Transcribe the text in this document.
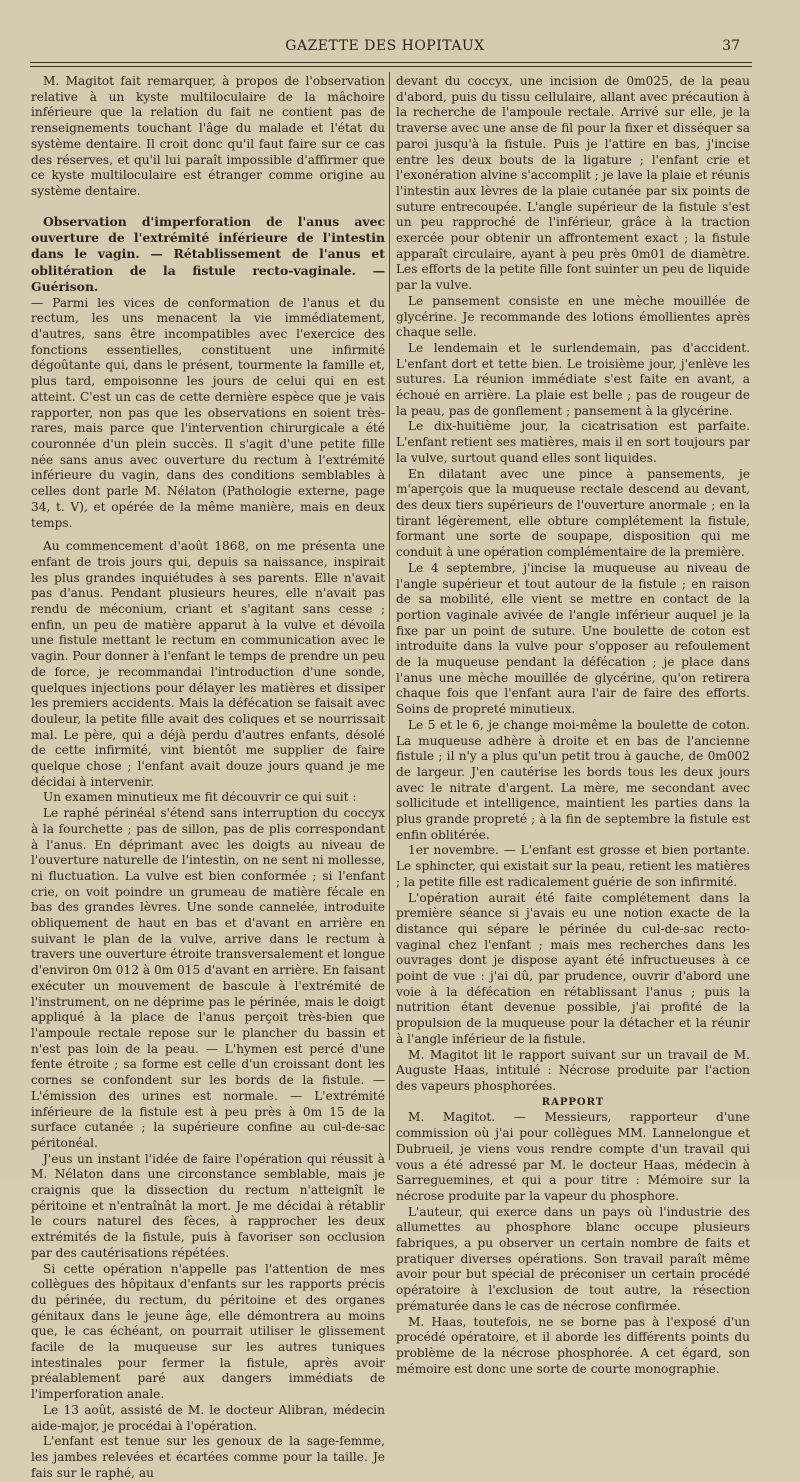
GAZETTE DES HOPITAUX	37

M. Magitot fait remarquer, à propos de l'observation relative à un kyste multiloculaire de la mâchoire inférieure que la relation du fait ne contient pas de renseignements touchant l'âge du malade et l'état du système dentaire. Il croit donc qu'il faut faire sur ce cas des réserves, et qu'il lui paraît impossible d'affirmer que ce kyste multiloculaire est étranger comme origine au système dentaire.

Observation d'imperforation de l'anus avec ouverture de l'extrémité inférieure de l'intestin dans le vagin. — Rétablissement de l'anus et oblitération de la fistule recto-vaginale. — Guérison.

— Parmi les vices de conformation de l'anus et du rectum, les uns menacent la vie immédiatement, d'autres, sans être incompatibles avec l'exercice des fonctions essentielles, constituent une infirmité dégoûtante qui, dans le présent, tourmente la famille et, plus tard, empoisonne les jours de celui qui en est atteint. C'est un cas de cette dernière espèce que je vais rapporter, non pas que les observations en soient très-rares, mais parce que l'intervention chirurgicale a été couronnée d'un plein succès. Il s'agit d'une petite fille née sans anus avec ouverture du rectum à l'extrémité inférieure du vagin, dans des conditions semblables à celles dont parle M. Nélaton (Pathologie externe, page 34, t. V), et opérée de la même manière, mais en deux temps.

Au commencement d'août 1868, on me présenta une enfant de trois jours qui, depuis sa naissance, inspirait les plus grandes inquiétudes à ses parents. Elle n'avait pas d'anus. Pendant plusieurs heures, elle n'avait pas rendu de méconium, criant et s'agitant sans cesse ; enfin, un peu de matière apparut à la vulve et dévoila une fistule mettant le rectum en communication avec le vagin. Pour donner à l'enfant le temps de prendre un peu de force, je recommandai l'introduction d'une sonde, quelques injections pour délayer les matières et dissiper les premiers accidents. Mais la défécation se faisait avec douleur, la petite fille avait des coliques et se nourrissait mal. Le père, qui a déjà perdu d'autres enfants, désolé de cette infirmité, vint bientôt me supplier de faire quelque chose ; l'enfant avait douze jours quand je me décidai à intervenir.

Un examen minutieux me fit découvrir ce qui suit :

Le raphé périnéal s'étend sans interruption du coccyx à la fourchette ; pas de sillon, pas de plis correspondant à l'anus. En déprimant avec les doigts au niveau de l'ouverture naturelle de l'intestin, on ne sent ni mollesse, ni fluctuation. La vulve est bien conformée ; si l'enfant crie, on voit poindre un grumeau de matière fécale en bas des grandes lèvres. Une sonde cannelée, introduite obliquement de haut en bas et d'avant en arrière en suivant le plan de la vulve, arrive dans le rectum à travers une ouverture étroite transversalement et longue d'environ 0m 012 à 0m 015 d'avant en arrière. En faisant exécuter un mouvement de bascule à l'extrémité de l'instrument, on ne déprime pas le périnée, mais le doigt appliqué à la place de l'anus perçoit très-bien que l'ampoule rectale repose sur le plancher du bassin et n'est pas loin de la peau. — L'hymen est percé d'une fente étroite ; sa forme est celle d'un croissant dont les cornes se confondent sur les bords de la fistule. — L'émission des urines est normale. — L'extrémité inférieure de la fistule est à peu près à 0m 15 de la surface cutanée ; la supérieure confine au cul-de-sac péritonéal.

J'eus un instant l'idée de faire l'opération qui réussit à M. Nélaton dans une circonstance semblable, mais je craignis que la dissection du rectum n'atteignît le péritoine et n'entraînât la mort. Je me décidai à rétablir le cours naturel des fèces, à rapprocher les deux extrémités de la fistule, puis à favoriser son occlusion par des cautérisations répétées.

Si cette opération n'appelle pas l'attention de mes collègues des hôpitaux d'enfants sur les rapports précis du périnée, du rectum, du péritoine et des organes génitaux dans le jeune âge, elle démontrera au moins que, le cas échéant, on pourrait utiliser le glissement facile de la muqueuse sur les autres tuniques intestinales pour fermer la fistule, après avoir préalablement paré aux dangers immédiats de l'imperforation anale.

Le 13 août, assisté de M. le docteur Alibran, médecin aide-major, je procédai à l'opération.

L'enfant est tenue sur les genoux de la sage-femme, les jambes relevées et écartées comme pour la taille. Je fais sur le raphé, au

devant du coccyx, une incision de 0m025, de la peau d'abord, puis du tissu cellulaire, allant avec précaution à la recherche de l'ampoule rectale. Arrivé sur elle, je la traverse avec une anse de fil pour la fixer et disséquer sa paroi jusqu'à la fistule. Puis je l'attire en bas, j'incise entre les deux bouts de la ligature ; l'enfant crie et l'exonération alvine s'accomplit ; je lave la plaie et réunis l'intestin aux lèvres de la plaie cutanée par six points de suture entrecoupée. L'angle supérieur de la fistule s'est un peu rapproché de l'inférieur, grâce à la traction exercée pour obtenir un affrontement exact ; la fistule apparaît circulaire, ayant à peu près 0m01 de diamètre. Les efforts de la petite fille font suinter un peu de liquide par la vulve.

Le pansement consiste en une mèche mouillée de glycérine. Je recommande des lotions émollientes après chaque selle.

Le lendemain et le surlendemain, pas d'accident. L'enfant dort et tette bien. Le troisième jour, j'enlève les sutures. La réunion immédiate s'est faite en avant, a échoué en arrière. La plaie est belle ; pas de rougeur de la peau, pas de gonflement ; pansement à la glycérine.

Le dix-huitième jour, la cicatrisation est parfaite. L'enfant retient ses matières, mais il en sort toujours par la vulve, surtout quand elles sont liquides.

En dilatant avec une pince à pansements, je m'aperçois que la muqueuse rectale descend au devant, des deux tiers supérieurs de l'ouverture anormale ; en la tirant légèrement, elle obture complétement la fistule, formant une sorte de soupape, disposition qui me conduit à une opération complémentaire de la première.

Le 4 septembre, j'incise la muqueuse au niveau de l'angle supérieur et tout autour de la fistule ; en raison de sa mobilité, elle vient se mettre en contact de la portion vaginale avivée de l'angle inférieur auquel je la fixe par un point de suture. Une boulette de coton est introduite dans la vulve pour s'opposer au refoulement de la muqueuse pendant la défécation ; je place dans l'anus une mèche mouillée de glycérine, qu'on retirera chaque fois que l'enfant aura l'air de faire des efforts. Soins de propreté minutieux.

Le 5 et le 6, je change moi-même la boulette de coton. La muqueuse adhère à droite et en bas de l'ancienne fistule ; il n'y a plus qu'un petit trou à gauche, de 0m002 de largeur. J'en cautérise les bords tous les deux jours avec le nitrate d'argent. La mère, me secondant avec sollicitude et intelligence, maintient les parties dans la plus grande propreté ; à la fin de septembre la fistule est enfin oblitérée.

1er novembre. — L'enfant est grosse et bien portante. Le sphincter, qui existait sur la peau, retient les matières ; la petite fille est radicalement guérie de son infirmité.

L'opération aurait été faite complétement dans la première séance si j'avais eu une notion exacte de la distance qui sépare le périnée du cul-de-sac recto-vaginal chez l'enfant ; mais mes recherches dans les ouvrages dont je dispose ayant été infructueuses à ce point de vue : j'ai dû, par prudence, ouvrir d'abord une voie à la défécation en rétablissant l'anus ; puis la nutrition étant devenue possible, j'ai profité de la propulsion de la muqueuse pour la détacher et la réunir à l'angle inférieur de la fistule.

M. Magitot lit le rapport suivant sur un travail de M. Auguste Haas, intitulé : Nécrose produite par l'action des vapeurs phosphorées.

RAPPORT

M. Magitot. — Messieurs, rapporteur d'une commission où j'ai pour collègues MM. Lannelongue et Dubrueil, je viens vous rendre compte d'un travail qui vous a été adressé par M. le docteur Haas, médecin à Sarreguemines, et qui a pour titre : Mémoire sur la nécrose produite par la vapeur du phosphore.

L'auteur, qui exerce dans un pays où l'industrie des allumettes au phosphore blanc occupe plusieurs fabriques, a pu observer un certain nombre de faits et pratiquer diverses opérations. Son travail paraît même avoir pour but spécial de préconiser un certain procédé opératoire à l'exclusion de tout autre, la résection prématurée dans le cas de nécrose confirmée.

M. Haas, toutefois, ne se borne pas à l'exposé d'un procédé opératoire, et il aborde les différents points du problème de la nécrose phosphorée. A cet égard, son mémoire est donc une sorte de courte monographie.
